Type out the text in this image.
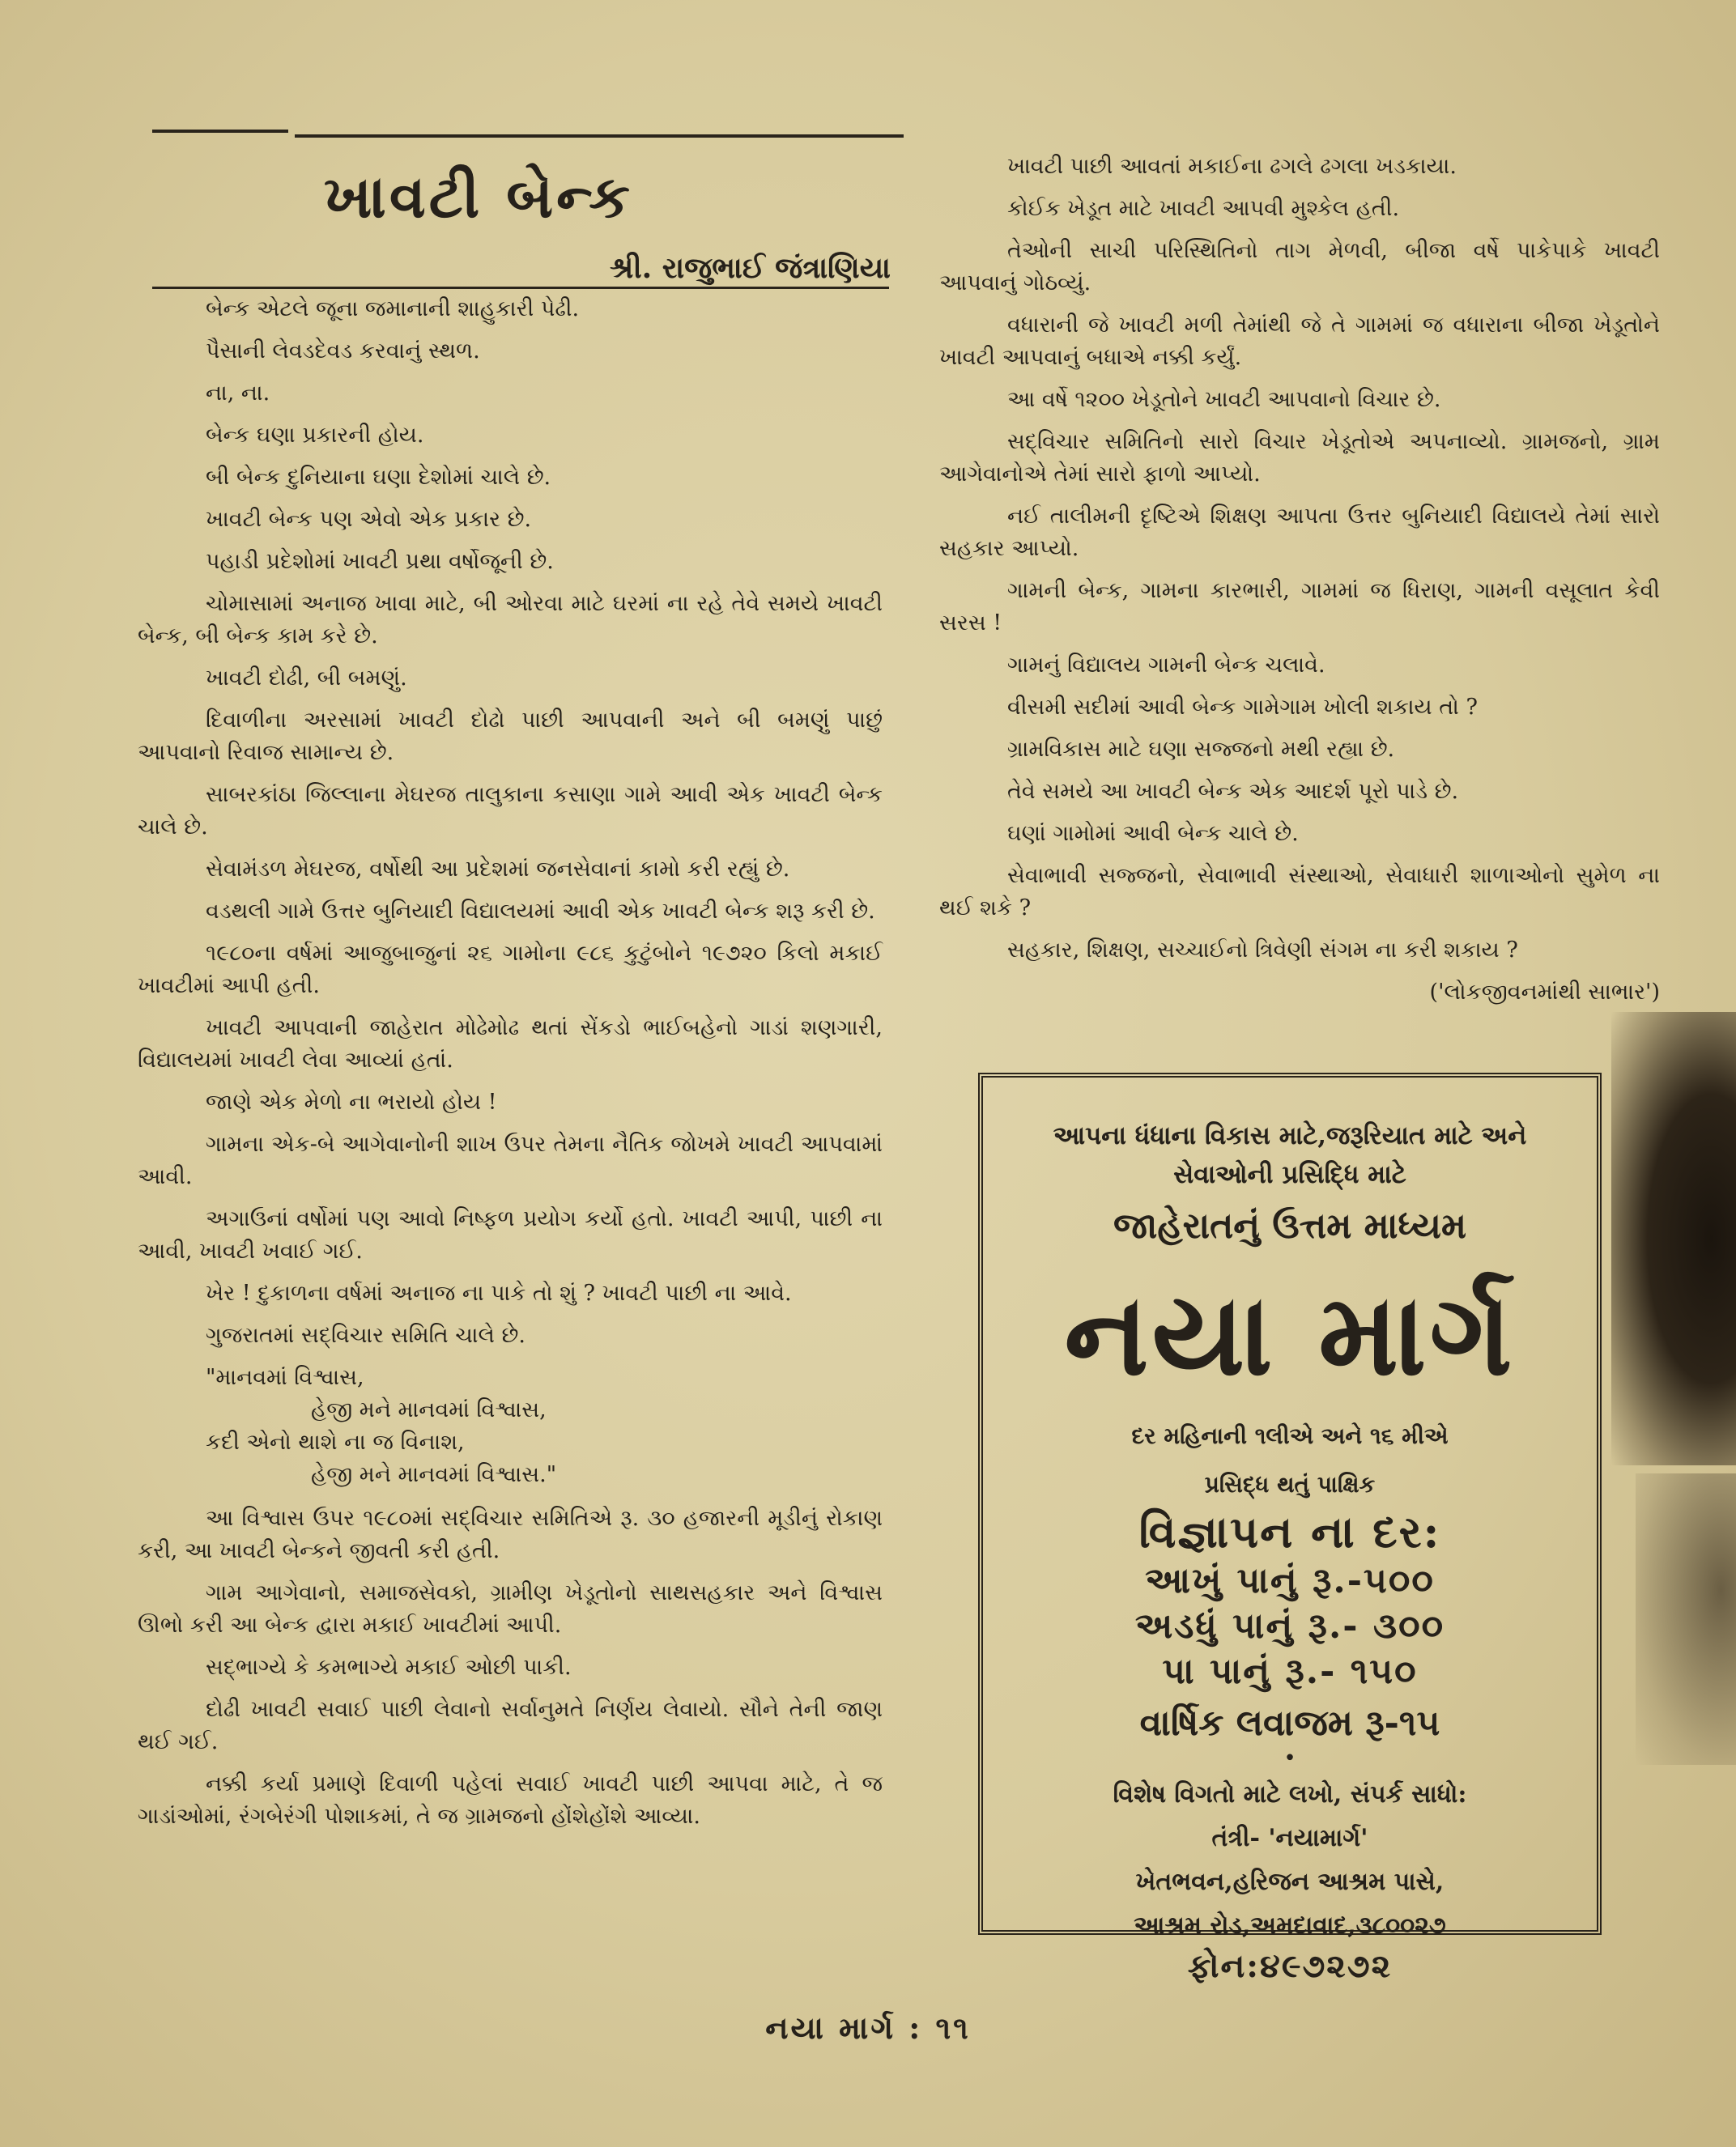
ખાવટી બેન્ક
શ્રી. રાજુભાઈ જંત્રાણિયા

બેન્ક એટલે જૂના જમાનાની શાહુકારી પેઢી.

પૈસાની લેવડદેવડ કરવાનું સ્થળ.

ના, ના.

બેન્ક ઘણા પ્રકારની હોય.

બી બેન્ક દુનિયાના ઘણા દેશોમાં ચાલે છે.

ખાવટી બેન્ક પણ એવો એક પ્રકાર છે.

પહાડી પ્રદેશોમાં ખાવટી પ્રથા વર્ષોજૂની છે.

ચોમાસામાં અનાજ ખાવા માટે, બી ઓરવા માટે ઘરમાં ના રહે તેવે સમયે ખાવટી બેન્ક, બી બેન્ક કામ કરે છે.

ખાવટી દોઢી, બી બમણું.

દિવાળીના અરસામાં ખાવટી દોઢો પાછી આપવાની અને બી બમણું પાછું આપવાનો રિવાજ સામાન્ય છે.

સાબરકાંઠા જિલ્લાના મેઘરજ તાલુકાના કસાણા ગામે આવી એક ખાવટી બેન્ક ચાલે છે.

સેવામંડળ મેઘરજ, વર્ષોથી આ પ્રદેશમાં જનસેવાનાં કામો કરી રહ્યું છે.

વડથલી ગામે ઉત્તર બુનિયાદી વિદ્યાલયમાં આવી એક ખાવટી બેન્ક શરૂ કરી છે.

૧૯૮૦ના વર્ષમાં આજુબાજુનાં ૨૬ ગામોના ૯૮૬ કુટુંબોને ૧૯૭૨૦ કિલો મકાઈ ખાવટીમાં આપી હતી.

ખાવટી આપવાની જાહેરાત મોઢેમોઢ થતાં સેંકડો ભાઈબહેનો ગાડાં શણગારી, વિદ્યાલયમાં ખાવટી લેવા આવ્યાં હતાં.

જાણે એક મેળો ના ભરાયો હોય !

ગામના એક-બે આગેવાનોની શાખ ઉપર તેમના નૈતિક જોખમે ખાવટી આપવામાં આવી.

અગાઉનાં વર્ષોમાં પણ આવો નિષ્ફળ પ્રયોગ કર્યો હતો. ખાવટી આપી, પાછી ના આવી, ખાવટી ખવાઈ ગઈ.

ખેર ! દુકાળના વર્ષમાં અનાજ ના પાકે તો શું ? ખાવટી પાછી ના આવે.

ગુજરાતમાં સદ્‌વિચાર સમિતિ ચાલે છે.

"માનવમાં વિશ્વાસ,
હેજી મને માનવમાં વિશ્વાસ,
કદી એનો થાશે ના જ વિનાશ,
હેજી મને માનવમાં વિશ્વાસ."

આ વિશ્વાસ ઉપર ૧૯૮૦માં સદ્‌વિચાર સમિતિએ રૂ. ૩૦ હજારની મૂડીનું રોકાણ કરી, આ ખાવટી બેન્કને જીવતી કરી હતી.

ગામ આગેવાનો, સમાજસેવકો, ગ્રામીણ ખેડૂતોનો સાથસહકાર અને વિશ્વાસ ઊભો કરી આ બેન્ક દ્વારા મકાઈ ખાવટીમાં આપી.

સદ્‌ભાગ્યે કે કમભાગ્યે મકાઈ ઓછી પાકી.

દોઢી ખાવટી સવાઈ પાછી લેવાનો સર્વાનુમતે નિર્ણય લેવાયો. સૌને તેની જાણ થઈ ગઈ.

નક્કી કર્યા પ્રમાણે દિવાળી પહેલાં સવાઈ ખાવટી પાછી આપવા માટે, તે જ ગાડાંઓમાં, રંગબેરંગી પોશાકમાં, તે જ ગ્રામજનો હોંશેહોંશે આવ્યા.

ખાવટી પાછી આવતાં મકાઈના ઢગલે ઢગલા ખડકાયા.

કોઈક ખેડૂત માટે ખાવટી આપવી મુશ્કેલ હતી.

તેઓની સાચી પરિસ્થિતિનો તાગ મેળવી, બીજા વર્ષે પાકેપાકે ખાવટી આપવાનું ગોઠવ્યું.

વધારાની જે ખાવટી મળી તેમાંથી જે તે ગામમાં જ વધારાના બીજા ખેડૂતોને ખાવટી આપવાનું બધાએ નક્કી કર્યું.

આ વર્ષે ૧૨૦૦ ખેડૂતોને ખાવટી આપવાનો વિચાર છે.

સદ્‌વિચાર સમિતિનો સારો વિચાર ખેડૂતોએ અપનાવ્યો. ગ્રામજનો, ગ્રામ આગેવાનોએ તેમાં સારો ફાળો આપ્યો.

નઈ તાલીમની દૃષ્ટિએ શિક્ષણ આપતા ઉત્તર બુનિયાદી વિદ્યાલયે તેમાં સારો સહકાર આપ્યો.

ગામની બેન્ક, ગામના કારભારી, ગામમાં જ ધિરાણ, ગામની વસૂલાત કેવી સરસ !

ગામનું વિદ્યાલય ગામની બેન્ક ચલાવે.

વીસમી સદીમાં આવી બેન્ક ગામેગામ ખોલી શકાય તો ?

ગ્રામવિકાસ માટે ઘણા સજ્જનો મથી રહ્યા છે.

તેવે સમયે આ ખાવટી બેન્ક એક આદર્શ પૂરો પાડે છે.

ઘણાં ગામોમાં આવી બેન્ક ચાલે છે.

સેવાભાવી સજ્જનો, સેવાભાવી સંસ્થાઓ, સેવાધારી શાળાઓનો સુમેળ ના થઈ શકે ?

સહકાર, શિક્ષણ, સચ્ચાઈનો ત્રિવેણી સંગમ ના કરી શકાય ?

('લોકજીવનમાંથી સાભાર')
આપના ધંધાના વિકાસ માટે,જરૂરિયાત માટે અને
સેવાઓની પ્રસિદ્ધિ માટે
જાહેરાતનું ઉત્તમ માધ્યમ
નયા માર્ગ
દર મહિનાની ૧લીએ અને ૧૬ મીએ
પ્રસિદ્ધ થતું પાક્ષિક
વિજ્ઞાપન ના દર:
આખું પાનું રૂ.-૫૦૦
અડધું પાનું રૂ.- ૩૦૦
પા પાનું રૂ.- ૧૫૦
વાર્ષિક લવાજમ રૂ-૧૫
•
વિશેષ વિગતો માટે લખો, સંપર્ક સાધો:
તંત્રી- 'નયામાર્ગ'
ખેતભવન,હરિજન આશ્રમ પાસે,
આશ્રમ રોડ,અમદાવાદ,૩૮૦૦૨૭
ફોન:૪૯૭૨૭૨
નયા માર્ગ : ૧૧
